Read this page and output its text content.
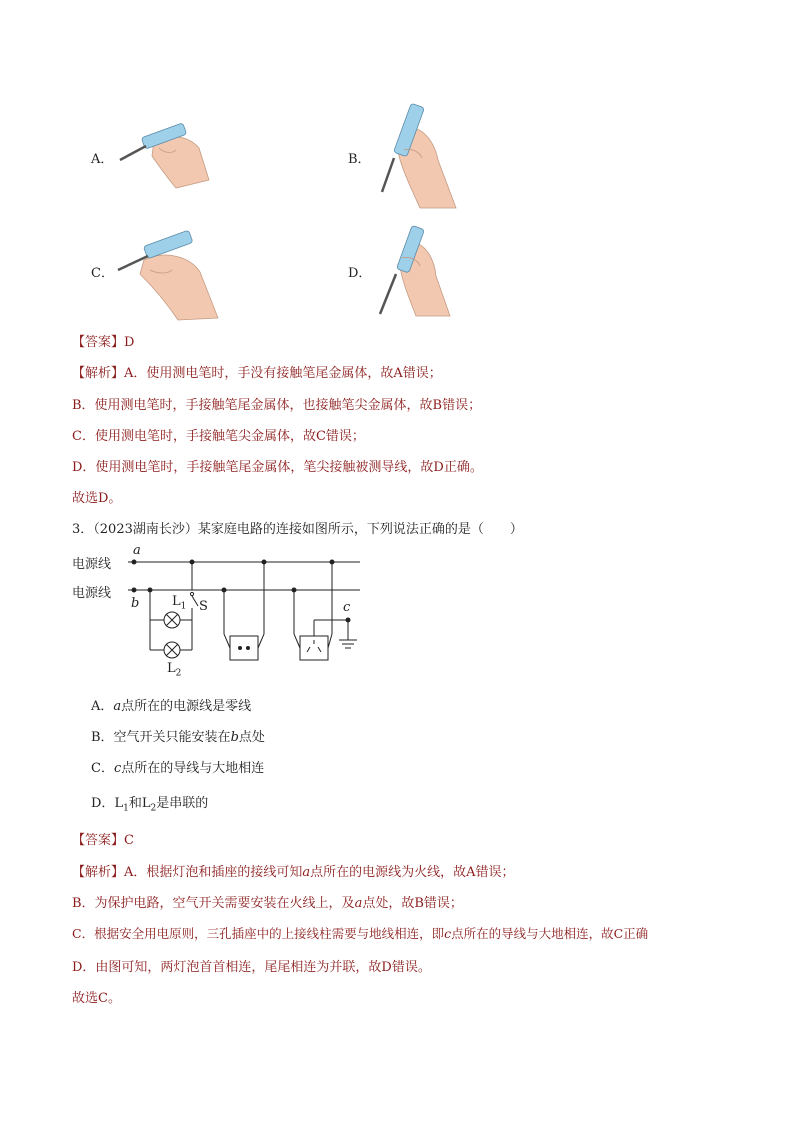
A．	B．
C．	D．
【答案】D
【解析】A．使用测电笔时，手没有接触笔尾金属体，故A错误；
B．使用测电笔时，手接触笔尾金属体，也接触笔尖金属体，故B错误；
C．使用测电笔时，手接触笔尖金属体，故C错误；
D．使用测电笔时，手接触笔尾金属体，笔尖接触被测导线，故D正确。
故选D。
3．（2023湖南长沙）某家庭电路的连接如图所示，下列说法正确的是（　　）
电源线
电源线
a
b	c
$L_1$ S
$L_2$
A．a点所在的电源线是零线
B．空气开关只能安装在b点处
C．c点所在的导线与大地相连
D．$L_1$和$L_2$是串联的
【答案】C
【解析】A．根据灯泡和插座的接线可知a点所在的电源线为火线，故A错误；
B．为保护电路，空气开关需要安装在火线上，及a点处，故B错误；
C．根据安全用电原则，三孔插座中的上接线柱需要与地线相连，即c点所在的导线与大地相连，故C正确
D．由图可知，两灯泡首首相连，尾尾相连为并联，故D错误。
故选C。
